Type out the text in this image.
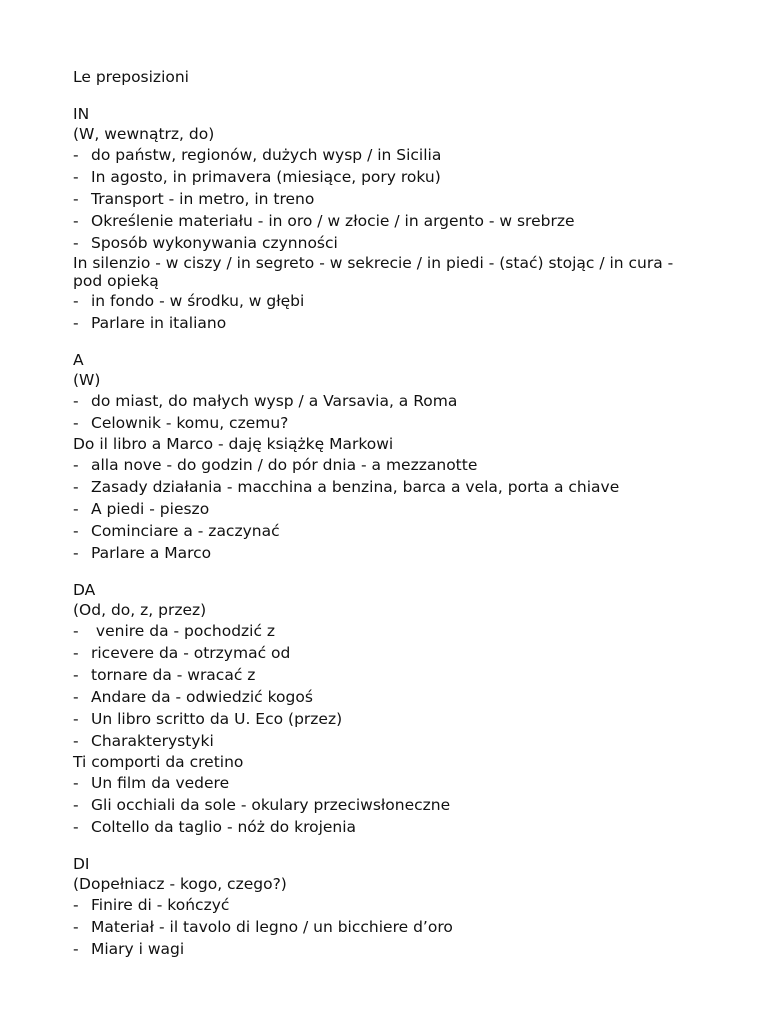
Le preposizioni
IN
(W, wewnątrz, do)
- do państw, regionów, dużych wysp / in Sicilia
- In agosto, in primavera (miesiące, pory roku)
- Transport - in metro, in treno
- Określenie materiału - in oro / w złocie / in argento - w srebrze
- Sposób wykonywania czynności
In silenzio - w ciszy / in segreto - w sekrecie / in piedi - (stać) stojąc / in cura - pod opieką
- in fondo - w środku, w głębi
- Parlare in italiano
A
(W)
- do miast, do małych wysp / a Varsavia, a Roma
- Celownik - komu, czemu?
Do il libro a Marco - daję książkę Markowi
- alla nove - do godzin / do pór dnia - a mezzanotte
- Zasady działania - macchina a benzina, barca a vela, porta a chiave
- A piedi - pieszo
- Cominciare a - zaczynać
- Parlare a Marco
DA
(Od, do, z, przez)
- venire da - pochodzić z
- ricevere da - otrzymać od
- tornare da - wracać z
- Andare da - odwiedzić kogoś
- Un libro scritto da U. Eco (przez)
- Charakterystyki
Ti comporti da cretino
- Un film da vedere
- Gli occhiali da sole - okulary przeciwsłoneczne
- Coltello da taglio - nóż do krojenia
DI
(Dopełniacz - kogo, czego?)
- Finire di - kończyć
- Materiał - il tavolo di legno / un bicchiere d’oro
- Miary i wagi
